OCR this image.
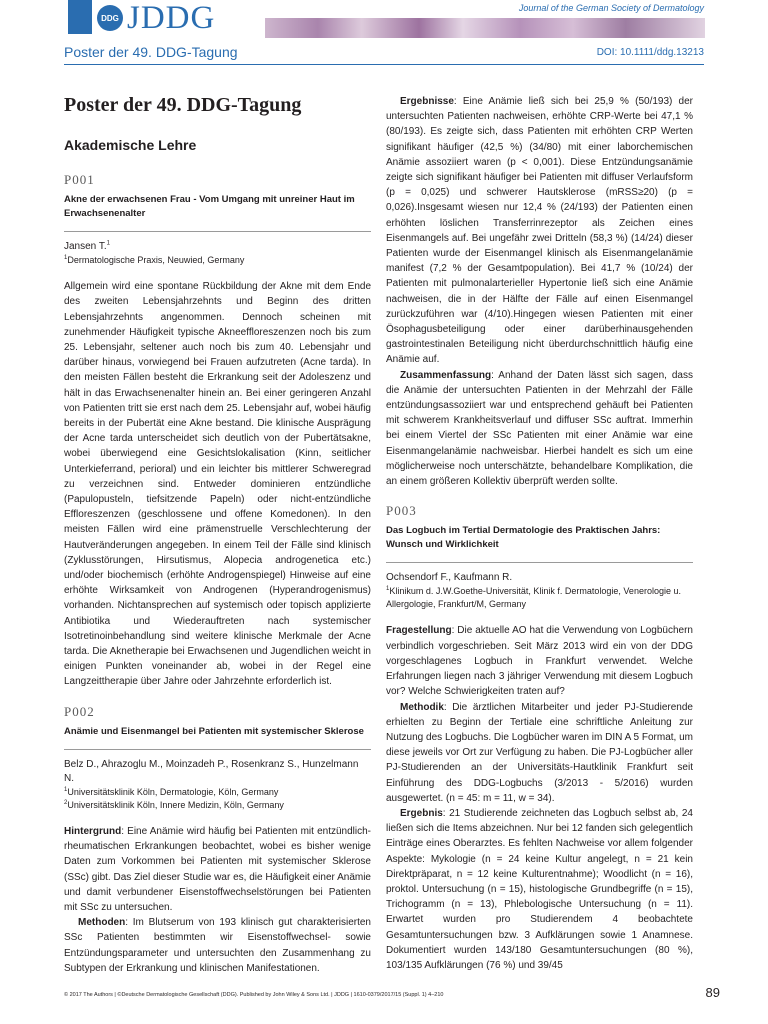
DDG JDDG	Journal of the German Society of Dermatology
Poster der 49. DDG-Tagung	DOI: 10.1111/ddg.13213
Poster der 49. DDG-Tagung
Akademische Lehre
P001
Akne der erwachsenen Frau - Vom Umgang mit unreiner Haut im Erwachsenenalter
Jansen T.$^1$
$^1$Dermatologische Praxis, Neuwied, Germany

Allgemein wird eine spontane Rückbildung der Akne mit dem Ende des zweiten Lebensjahrzehnts und Beginn des dritten Lebensjahrzehnts angenommen. Dennoch scheinen mit zunehmender Häufigkeit typische Akneeffloreszenzen noch bis zum 25. Lebensjahr, seltener auch noch bis zum 40. Lebensjahr und darüber hinaus, vorwiegend bei Frauen aufzutreten (Acne tarda). In den meisten Fällen besteht die Erkrankung seit der Adoleszenz und hält in das Erwachsenenalter hinein an. Bei einer geringeren Anzahl von Patienten tritt sie erst nach dem 25. Lebensjahr auf, wobei häufig bereits in der Pubertät eine Akne bestand. Die klinische Ausprägung der Acne tarda unterscheidet sich deutlich von der Pubertätsakne, wobei überwiegend eine Gesichtslokalisation (Kinn, seitlicher Unterkieferrand, perioral) und ein leichter bis mittlerer Schweregrad zu verzeichnen sind. Entweder dominieren entzündliche (Papulopusteln, tiefsitzende Papeln) oder nicht-entzündliche Effloreszenzen (geschlossene und offene Komedonen). In den meisten Fällen wird eine prämenstruelle Verschlechterung der Hautveränderungen angegeben. In einem Teil der Fälle sind klinisch (Zyklusstörungen, Hirsutismus, Alopecia androgenetica etc.) und/oder biochemisch (erhöhte Androgenspiegel) Hinweise auf eine erhöhte Wirksamkeit von Androgenen (Hyperandrogenismus) vorhanden. Nichtansprechen auf systemisch oder topisch applizierte Antibiotika und Wiederauftreten nach systemischer Isotretinoinbehandlung sind weitere klinische Merkmale der Acne tarda. Die Aknetherapie bei Erwachsenen und Jugendlichen weicht in einigen Punkten voneinander ab, wobei in der Regel eine Langzeittherapie über Jahre oder Jahrzehnte erforderlich ist.

P002
Anämie und Eisenmangel bei Patienten mit systemischer Sklerose
Belz D., Ahrazoglu M., Moinzadeh P., Rosenkranz S., Hunzelmann N.
$^1$Universitätsklinik Köln, Dermatologie, Köln, Germany
$^2$Universitätsklinik Köln, Innere Medizin, Köln, Germany

Hintergrund: Eine Anämie wird häufig bei Patienten mit entzündlich-rheumatischen Erkrankungen beobachtet, wobei es bisher wenige Daten zum Vorkommen bei Patienten mit systemischer Sklerose (SSc) gibt. Das Ziel dieser Studie war es, die Häufigkeit einer Anämie und damit verbundener Eisenstoffwechselstörungen bei Patienten mit SSc zu untersuchen.

Methoden: Im Blutserum von 193 klinisch gut charakterisierten SSc Patienten bestimmten wir Eisenstoffwechsel- sowie Entzündungsparameter und untersuchten den Zusammenhang zu Subtypen der Erkrankung und klinischen Manifestationen.

Ergebnisse: Eine Anämie ließ sich bei 25,9 % (50/193) der untersuchten Patienten nachweisen, erhöhte CRP-Werte bei 47,1 % (80/193). Es zeigte sich, dass Patienten mit erhöhten CRP Werten signifikant häufiger (42,5 %) (34/80) mit einer laborchemischen Anämie assoziiert waren (p < 0,001). Diese Entzündungsanämie zeigte sich signifikant häufiger bei Patienten mit diffuser Verlaufsform (p = 0,025) und schwerer Hautsklerose (mRSS≥20) (p = 0,026).Insgesamt wiesen nur 12,4 % (24/193) der Patienten einen erhöhten löslichen Transferrinrezeptor als Zeichen eines Eisenmangels auf. Bei ungefähr zwei Dritteln (58,3 %) (14/24) dieser Patienten wurde der Eisenmangel klinisch als Eisenmangelanämie manifest (7,2 % der Gesamtpopulation). Bei 41,7 % (10/24) der Patienten mit pulmonalarterieller Hypertonie ließ sich eine Anämie nachweisen, die in der Hälfte der Fälle auf einen Eisenmangel zurückzuführen war (4/10).Hingegen wiesen Patienten mit einer Ösophagusbeteiligung oder einer darüberhinausgehenden gastrointestinalen Beteiligung nicht überdurchschnittlich häufig eine Anämie auf.

Zusammenfassung: Anhand der Daten lässt sich sagen, dass die Anämie der untersuchten Patienten in der Mehrzahl der Fälle entzündungsassoziiert war und entsprechend gehäuft bei Patienten mit schwerem Krankheitsverlauf und diffuser SSc auftrat. Immerhin bei einem Viertel der SSc Patienten mit einer Anämie war eine Eisenmangelanämie nachweisbar. Hierbei handelt es sich um eine möglicherweise noch unterschätzte, behandelbare Komplikation, die an einem größeren Kollektiv überprüft werden sollte.

P003
Das Logbuch im Tertial Dermatologie des Praktischen Jahrs: Wunsch und Wirklichkeit
Ochsendorf F., Kaufmann R.
$^1$Klinikum d. J.W.Goethe-Universität, Klinik f. Dermatologie, Venerologie u. Allergologie, Frankfurt/M, Germany

Fragestellung: Die aktuelle AO hat die Verwendung von Logbüchern verbindlich vorgeschrieben. Seit März 2013 wird ein von der DDG vorgeschlagenes Logbuch in Frankfurt verwendet. Welche Erfahrungen liegen nach 3 jähriger Verwendung mit diesem Logbuch vor? Welche Schwierigkeiten traten auf?

Methodik: Die ärztlichen Mitarbeiter und jeder PJ-Studierende erhielten zu Beginn der Tertiale eine schriftliche Anleitung zur Nutzung des Logbuchs. Die Logbücher waren im DIN A 5 Format, um diese jeweils vor Ort zur Verfügung zu haben. Die PJ-Logbücher aller PJ-Studierenden an der Universitäts-Hautklinik Frankfurt seit Einführung des DDG-Logbuchs (3/2013 - 5/2016) wurden ausgewertet. (n = 45: m = 11, w = 34).

Ergebnis: 21 Studierende zeichneten das Logbuch selbst ab, 24 ließen sich die Items abzeichnen. Nur bei 12 fanden sich gelegentlich Einträge eines Oberarztes. Es fehlten Nachweise vor allem folgender Aspekte: Mykologie (n = 24 keine Kultur angelegt, n = 21 kein Direktpräparat, n = 12 keine Kulturentnahme); Woodlicht (n = 16), proktol. Untersuchung (n = 15), histologische Grundbegriffe (n = 15), Trichogramm (n = 13), Phlebologische Untersuchung (n = 11). Erwartet wurden pro Studierendem 4 beobachtete Gesamtuntersuchungen bzw. 3 Aufklärungen sowie 1 Anamnese. Dokumentiert wurden 143/180 Gesamtuntersuchungen (80 %), 103/135 Aufklärungen (76 %) und 39/45

© 2017 The Authors | ©Deutsche Dermatologische Gesellschaft (DDG). Published by John Wiley & Sons Ltd. | JDDG | 1610-0379/2017/15 (Suppl. 1) 4–210	89
